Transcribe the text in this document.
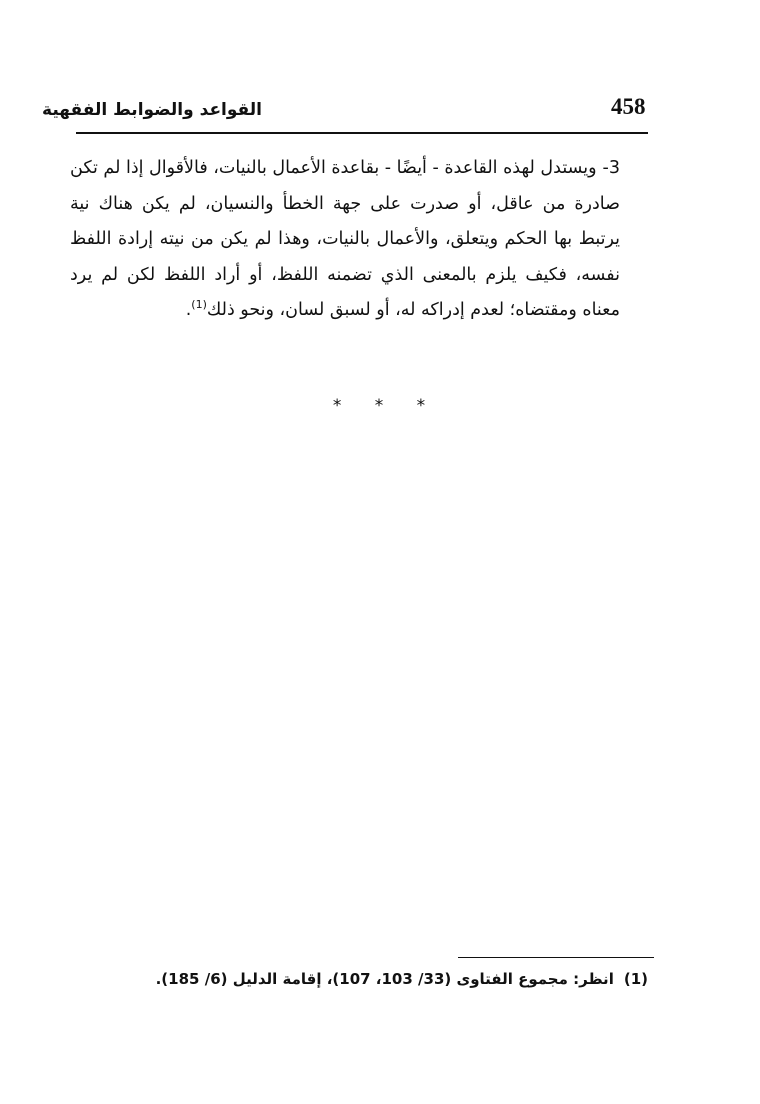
458
القواعد والضوابط الفقهية

3-ويستدل لهذه القاعدة - أيضًا - بقاعدة الأعمال بالنيات، فالأقوال إذا لم تكن صادرة من عاقل، أو صدرت على جهة الخطأ والنسيان، لم يكن هناك نية يرتبط بها الحكم ويتعلق، والأعمال بالنيات، وهذا لم يكن من نيته إرادة اللفظ نفسه، فكيف يلزم بالمعنى الذي تضمنه اللفظ، أو أراد اللفظ لكن لم يرد معناه ومقتضاه؛ لعدم إدراكه له، أو لسبق لسان، ونحو ذلك$^{(1)}$.

* * *
(1)انظر: مجموع الفتاوى (33/ 103، 107)، إقامة الدليل (6/ 185).
